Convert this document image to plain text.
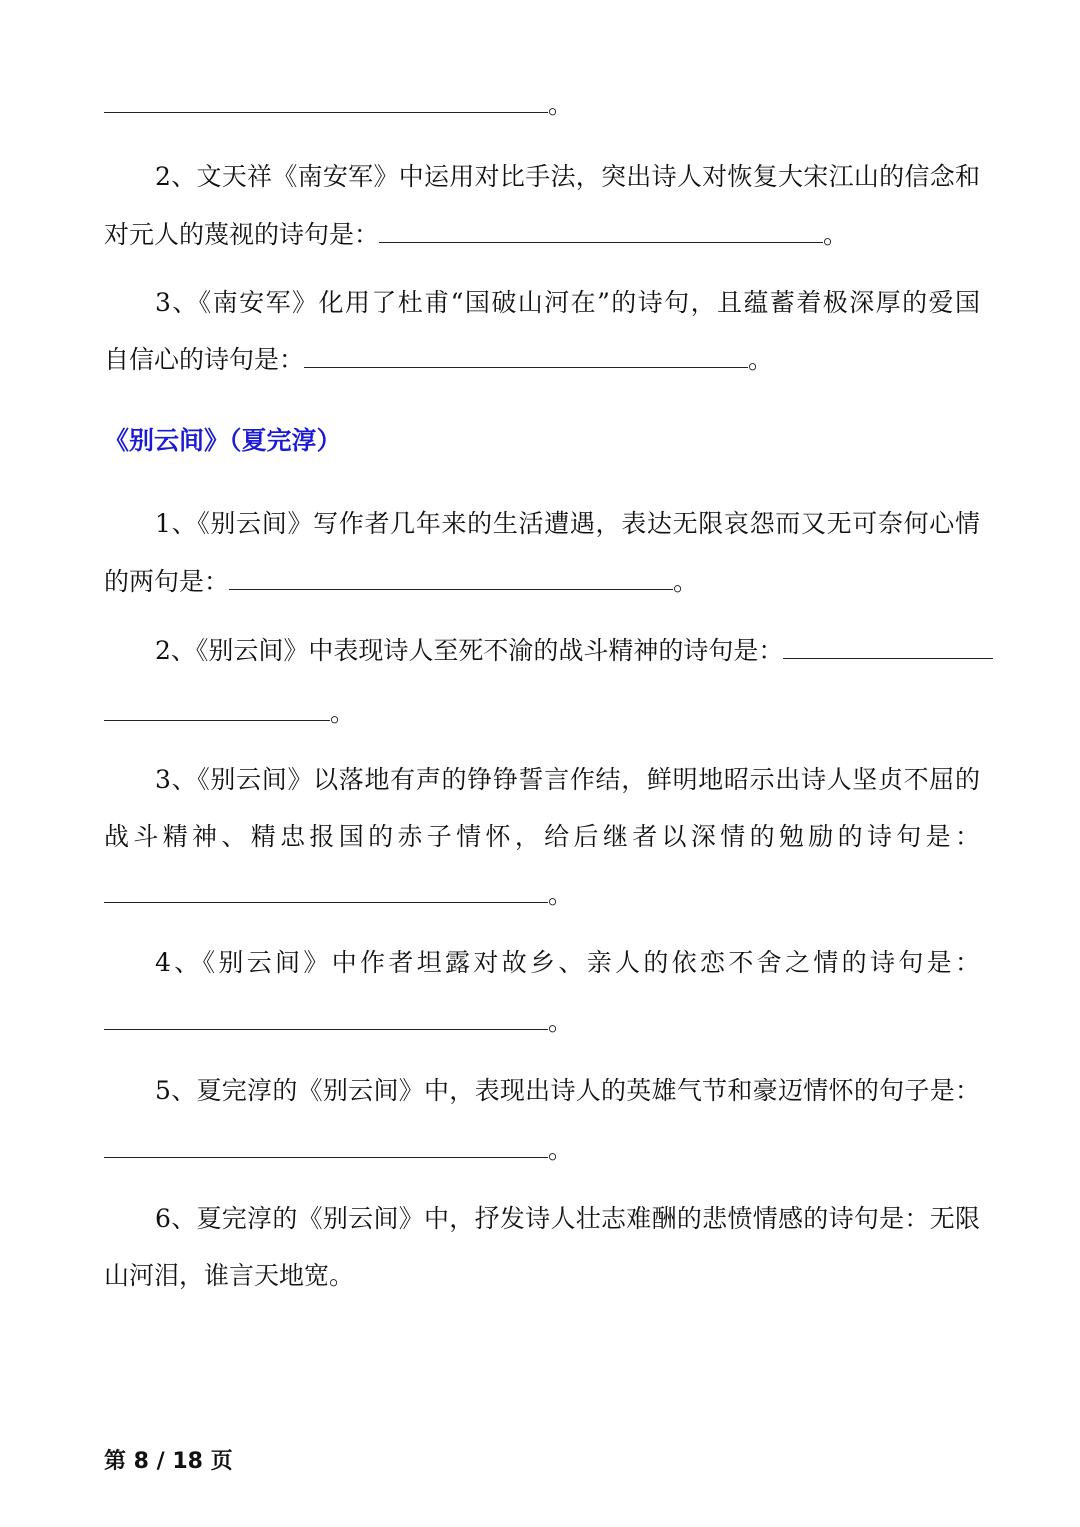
。
2、文天祥《南安军》中运用对比手法，突出诗人对恢复大宋江山的信念和
对元人的蔑视的诗句是：	。
3、《南安军》化用了杜甫“国破山河在”的诗句，且蕴蓄着极深厚的爱国
自信心的诗句是：	。
《别云间》（夏完淳）
1、《别云间》写作者几年来的生活遭遇，表达无限哀怨而又无可奈何心情
的两句是：	。
2、《别云间》中表现诗人至死不渝的战斗精神的诗句是：
。
3、《别云间》以落地有声的铮铮誓言作结，鲜明地昭示出诗人坚贞不屈的
战斗精神、精忠报国的赤子情怀，给后继者以深情的勉励的诗句是：
。
4、《别云间》中作者坦露对故乡、亲人的依恋不舍之情的诗句是：
。
5、夏完淳的《别云间》中，表现出诗人的英雄气节和豪迈情怀的句子是：
。
6、夏完淳的《别云间》中，抒发诗人壮志难酬的悲愤情感的诗句是：无限
山河泪，谁言天地宽。
第 8 / 18 页
